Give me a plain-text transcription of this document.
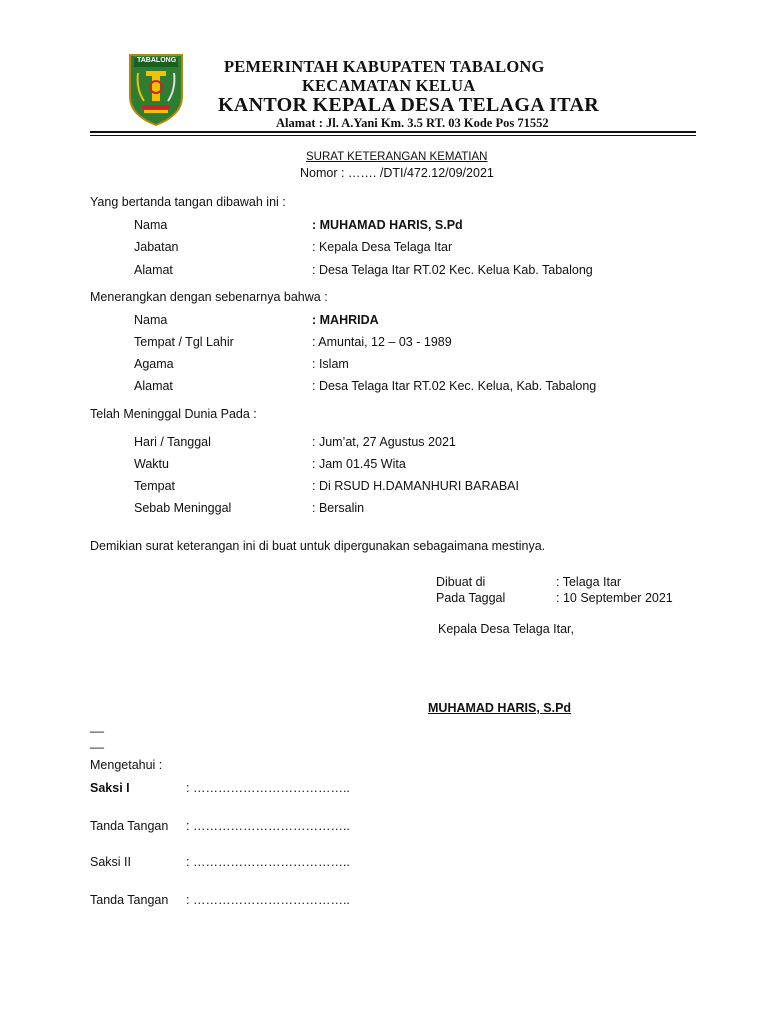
TABALONG	PEMERINTAH KABUPATEN TABALONG
KECAMATAN KELUA
KANTOR KEPALA DESA TELAGA ITAR
Alamat : Jl. A.Yani Km. 3.5 RT. 03 Kode Pos 71552
SURAT KETERANGAN KEMATIAN
Nomor : ……. /DTI/472.12/09/2021
Yang bertanda tangan dibawah ini :
Nama	: MUHAMAD HARIS, S.Pd
Jabatan	: Kepala Desa Telaga Itar
Alamat	: Desa Telaga Itar RT.02 Kec. Kelua Kab. Tabalong
Menerangkan dengan sebenarnya bahwa :
Nama	: MAHRIDA
Tempat / Tgl Lahir	: Amuntai, 12 – 03 - 1989
Agama	: Islam
Alamat	: Desa Telaga Itar RT.02 Kec. Kelua, Kab. Tabalong
Telah Meninggal Dunia Pada :
Hari / Tanggal	: Jum’at, 27 Agustus 2021
Waktu	: Jam 01.45 Wita
Tempat	: Di RSUD H.DAMANHURI BARABAI
Sebab Meninggal	: Bersalin
Demikian surat keterangan ini di buat untuk dipergunakan sebagaimana mestinya.
Dibuat di	: Telaga Itar
Pada Taggal	: 10 September 2021
Kepala Desa Telaga Itar,
MUHAMAD HARIS, S.Pd
__
__
Mengetahui :
Saksi I	: ………………………………..
Tanda Tangan : ………………………………..
Saksi II	: ………………………………..
Tanda Tangan : ………………………………..
